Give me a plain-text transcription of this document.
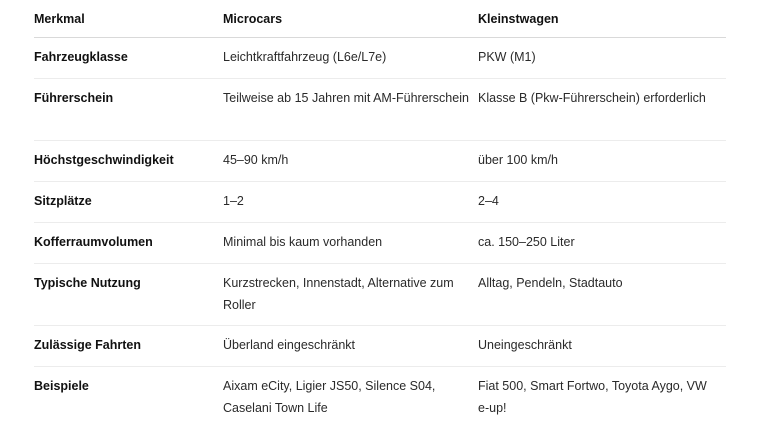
Merkmal	Microcars	Kleinstwagen
Fahrzeugklasse	Leichtkraftfahrzeug (L6e/L7e)	PKW (M1)
Führerschein	Teilweise ab 15 Jahren mit AM-Führerschein	Klasse B (Pkw-Führerschein) erforderlich
Höchstgeschwindigkeit	45–90 km/h	über 100 km/h
Sitzplätze	1–2	2–4
Kofferraumvolumen	Minimal bis kaum vorhanden	ca. 150–250 Liter
Typische Nutzung	Kurzstrecken, Innenstadt, Alternative zum Roller	Alltag, Pendeln, Stadtauto
Zulässige Fahrten	Überland eingeschränkt	Uneingeschränkt
Beispiele	Aixam eCity, Ligier JS50, Silence S04, Caselani Town Life	Fiat 500, Smart Fortwo, Toyota Aygo, VW e-up!
